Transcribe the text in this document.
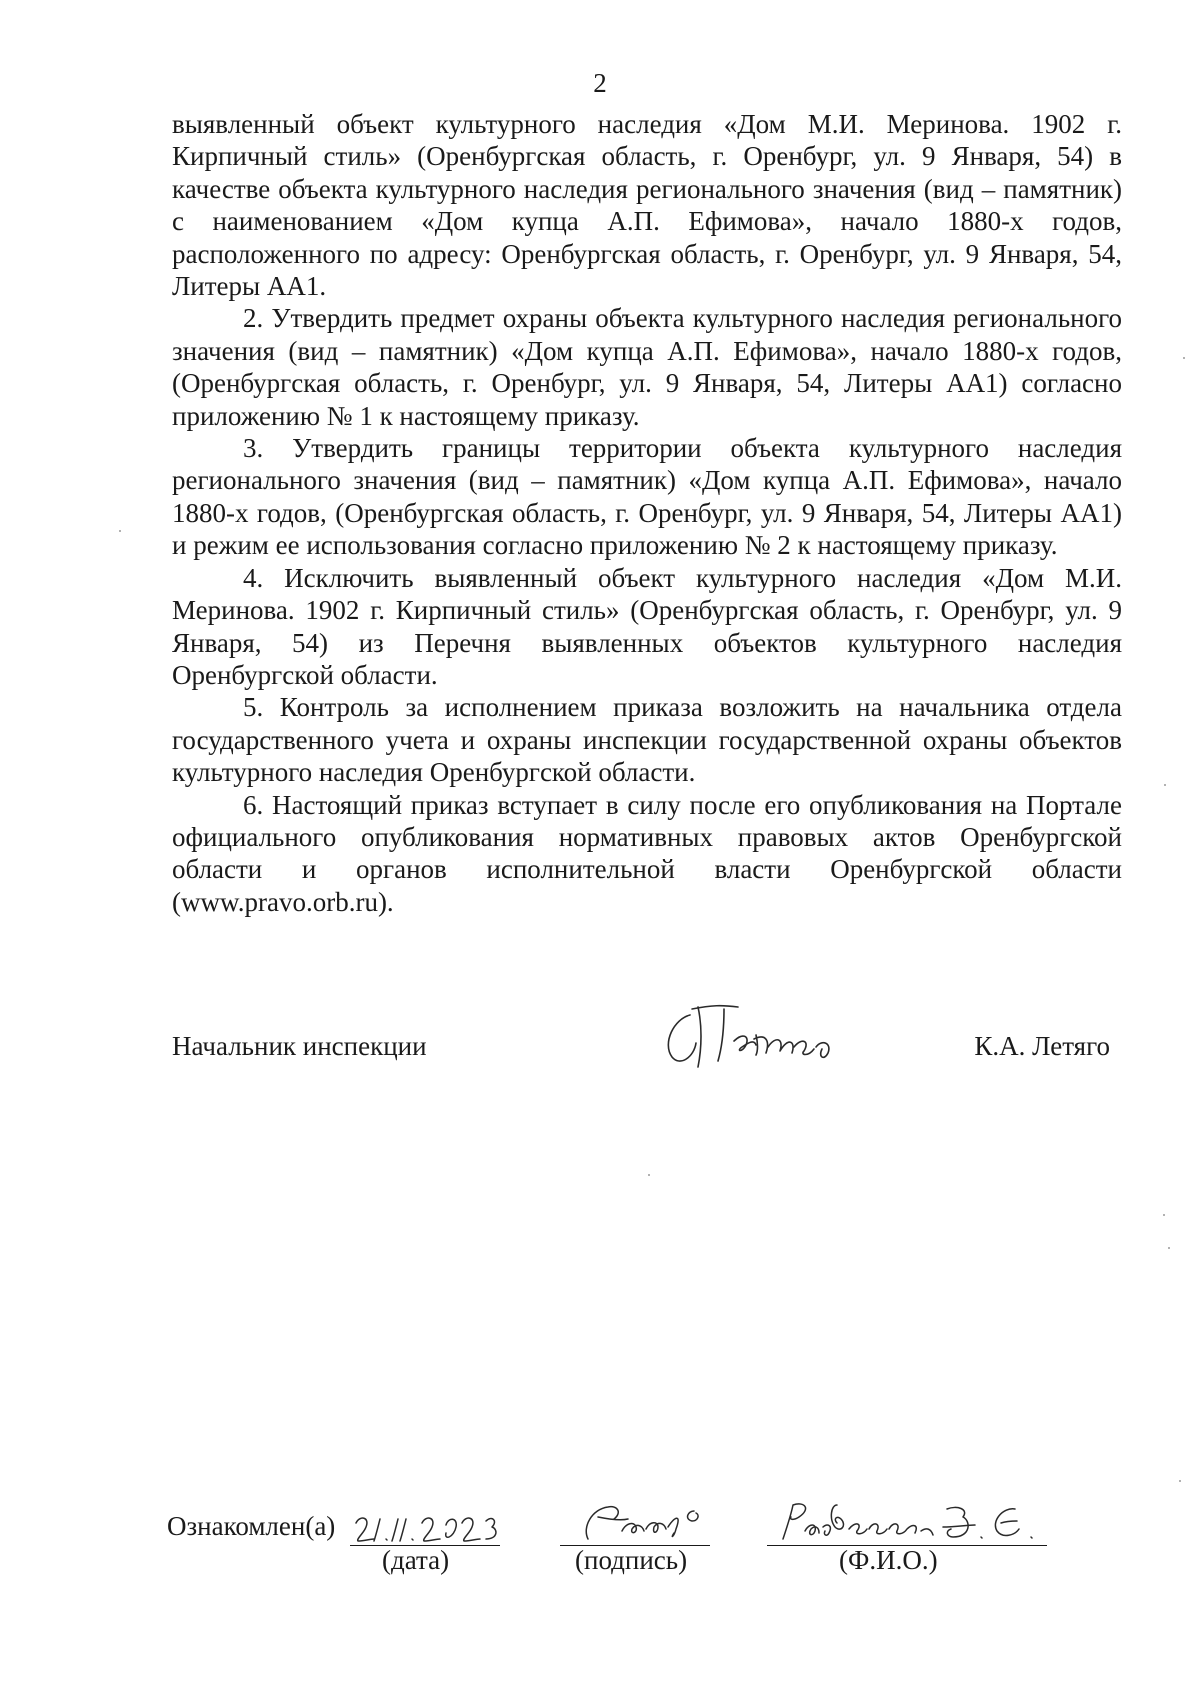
2

выявленный объект культурного наследия «Дом М.И. Меринова. 1902 г. Кирпичный стиль» (Оренбургская область, г. Оренбург, ул. 9 Января, 54) в качестве объекта культурного наследия регионального значения (вид – памятник) с наименованием «Дом купца А.П. Ефимова», начало 1880-х годов, расположенного по адресу: Оренбургская область, г. Оренбург, ул. 9 Января, 54, Литеры АА1.

2. Утвердить предмет охраны объекта культурного наследия регионального значения (вид – памятник) «Дом купца А.П. Ефимова», начало 1880-х годов, (Оренбургская область, г. Оренбург, ул. 9 Января, 54, Литеры АА1) согласно приложению № 1 к настоящему приказу.

3. Утвердить границы территории объекта культурного наследия регионального значения (вид – памятник) «Дом купца А.П. Ефимова», начало 1880-х годов, (Оренбургская область, г. Оренбург, ул. 9 Января, 54, Литеры АА1) и режим ее использования согласно приложению № 2 к настоящему приказу.

4. Исключить выявленный объект культурного наследия «Дом М.И. Меринова. 1902 г. Кирпичный стиль» (Оренбургская область, г. Оренбург, ул. 9 Января, 54) из Перечня выявленных объектов культурного наследия Оренбургской области.

5. Контроль за исполнением приказа возложить на начальника отдела государственного учета и охраны инспекции государственной охраны объектов культурного наследия Оренбургской области.

6. Настоящий приказ вступает в силу после его опубликования на Портале официального опубликования нормативных правовых актов Оренбургской области и органов исполнительной власти Оренбургской области (www.pravo.orb.ru).

Начальник инспекции	К.А. Летяго
Ознакомлен(а)
(дата)	(подпись)	(Ф.И.О.)
